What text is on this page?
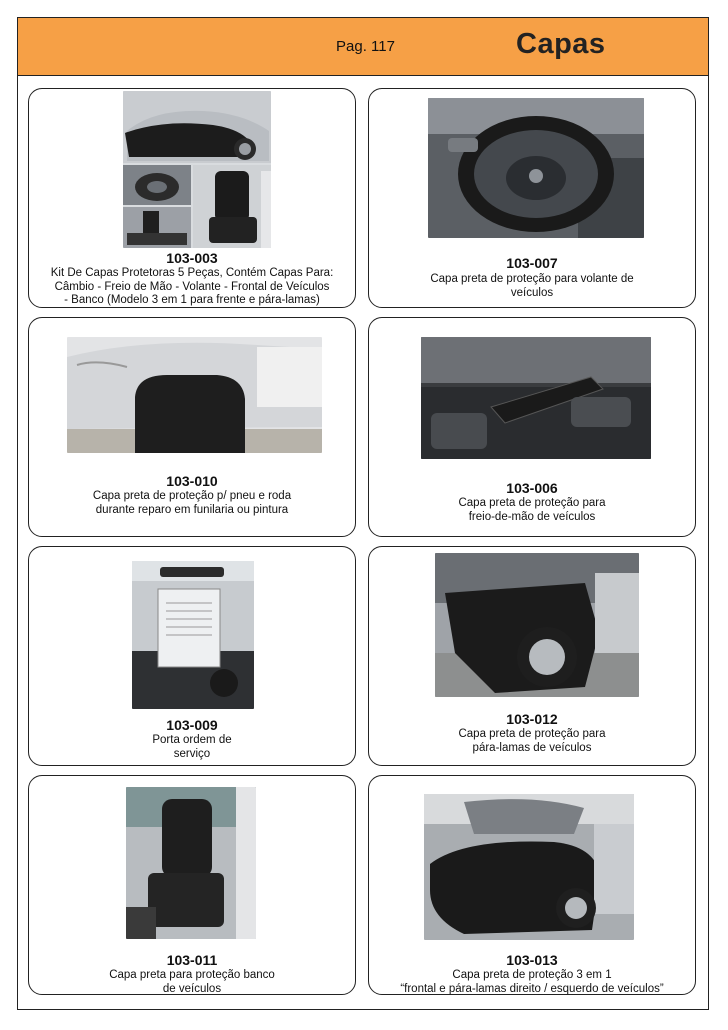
Pag. 117	Capas
103-003
Kit De Capas Protetoras 5 Peças, Contém Capas Para:
Câmbio - Freio de Mão - Volante - Frontal de Veículos
- Banco (Modelo 3 em 1 para frente e pára-lamas)
103-007
Capa preta de proteção para volante de
veículos
103-010
Capa preta de proteção p/ pneu e roda
durante reparo em funilaria ou pintura
103-006
Capa preta de proteção para
freio-de-mão de veículos
103-009
Porta ordem de
serviço
103-012
Capa preta de proteção para
pára-lamas de veículos
103-011
Capa preta para proteção banco
de veículos
103-013
Capa preta de proteção 3 em 1
“frontal e pára-lamas direito / esquerdo de veículos”
